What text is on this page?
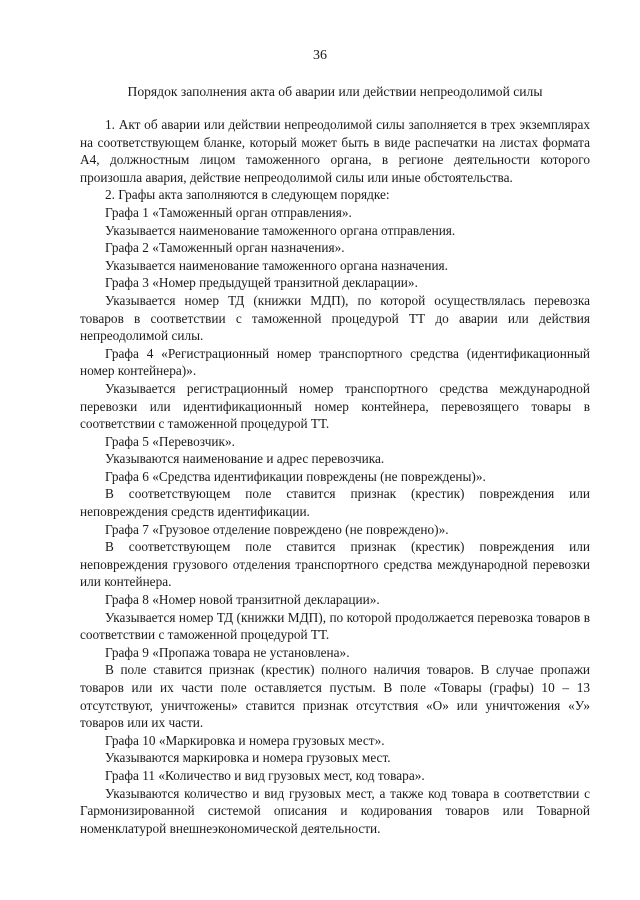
36
Порядок заполнения акта об аварии или действии непреодолимой силы

1. Акт об аварии или действии непреодолимой силы заполняется в трех экземплярах на соответствующем бланке, который может быть в виде распечатки на листах формата А4, должностным лицом таможенного органа, в регионе деятельности которого произошла авария, действие непреодолимой силы или иные обстоятельства.

2. Графы акта заполняются в следующем порядке:

Графа 1 «Таможенный орган отправления».

Указывается наименование таможенного органа отправления.

Графа 2 «Таможенный орган назначения».

Указывается наименование таможенного органа назначения.

Графа 3 «Номер предыдущей транзитной декларации».

Указывается номер ТД (книжки МДП), по которой осуществлялась перевозка товаров в соответствии с таможенной процедурой ТТ до аварии или действия непреодолимой силы.

Графа 4 «Регистрационный номер транспортного средства (идентификационный номер контейнера)».

Указывается регистрационный номер транспортного средства международной перевозки или идентификационный номер контейнера, перевозящего товары в соответствии с таможенной процедурой ТТ.

Графа 5 «Перевозчик».

Указываются наименование и адрес перевозчика.

Графа 6 «Средства идентификации повреждены (не повреждены)».

В соответствующем поле ставится признак (крестик) повреждения или неповреждения средств идентификации.

Графа 7 «Грузовое отделение повреждено (не повреждено)».

В соответствующем поле ставится признак (крестик) повреждения или неповреждения грузового отделения транспортного средства международной перевозки или контейнера.

Графа 8 «Номер новой транзитной декларации».

Указывается номер ТД (книжки МДП), по которой продолжается перевозка товаров в соответствии с таможенной процедурой ТТ.

Графа 9 «Пропажа товара не установлена».

В поле ставится признак (крестик) полного наличия товаров. В случае пропажи товаров или их части поле оставляется пустым. В поле «Товары (графы) 10 – 13 отсутствуют, уничтожены» ставится признак отсутствия «О» или уничтожения «У» товаров или их части.

Графа 10 «Маркировка и номера грузовых мест».

Указываются маркировка и номера грузовых мест.

Графа 11 «Количество и вид грузовых мест, код товара».

Указываются количество и вид грузовых мест, а также код товара в соответствии с Гармонизированной системой описания и кодирования товаров или Товарной номенклатурой внешнеэкономической деятельности.
